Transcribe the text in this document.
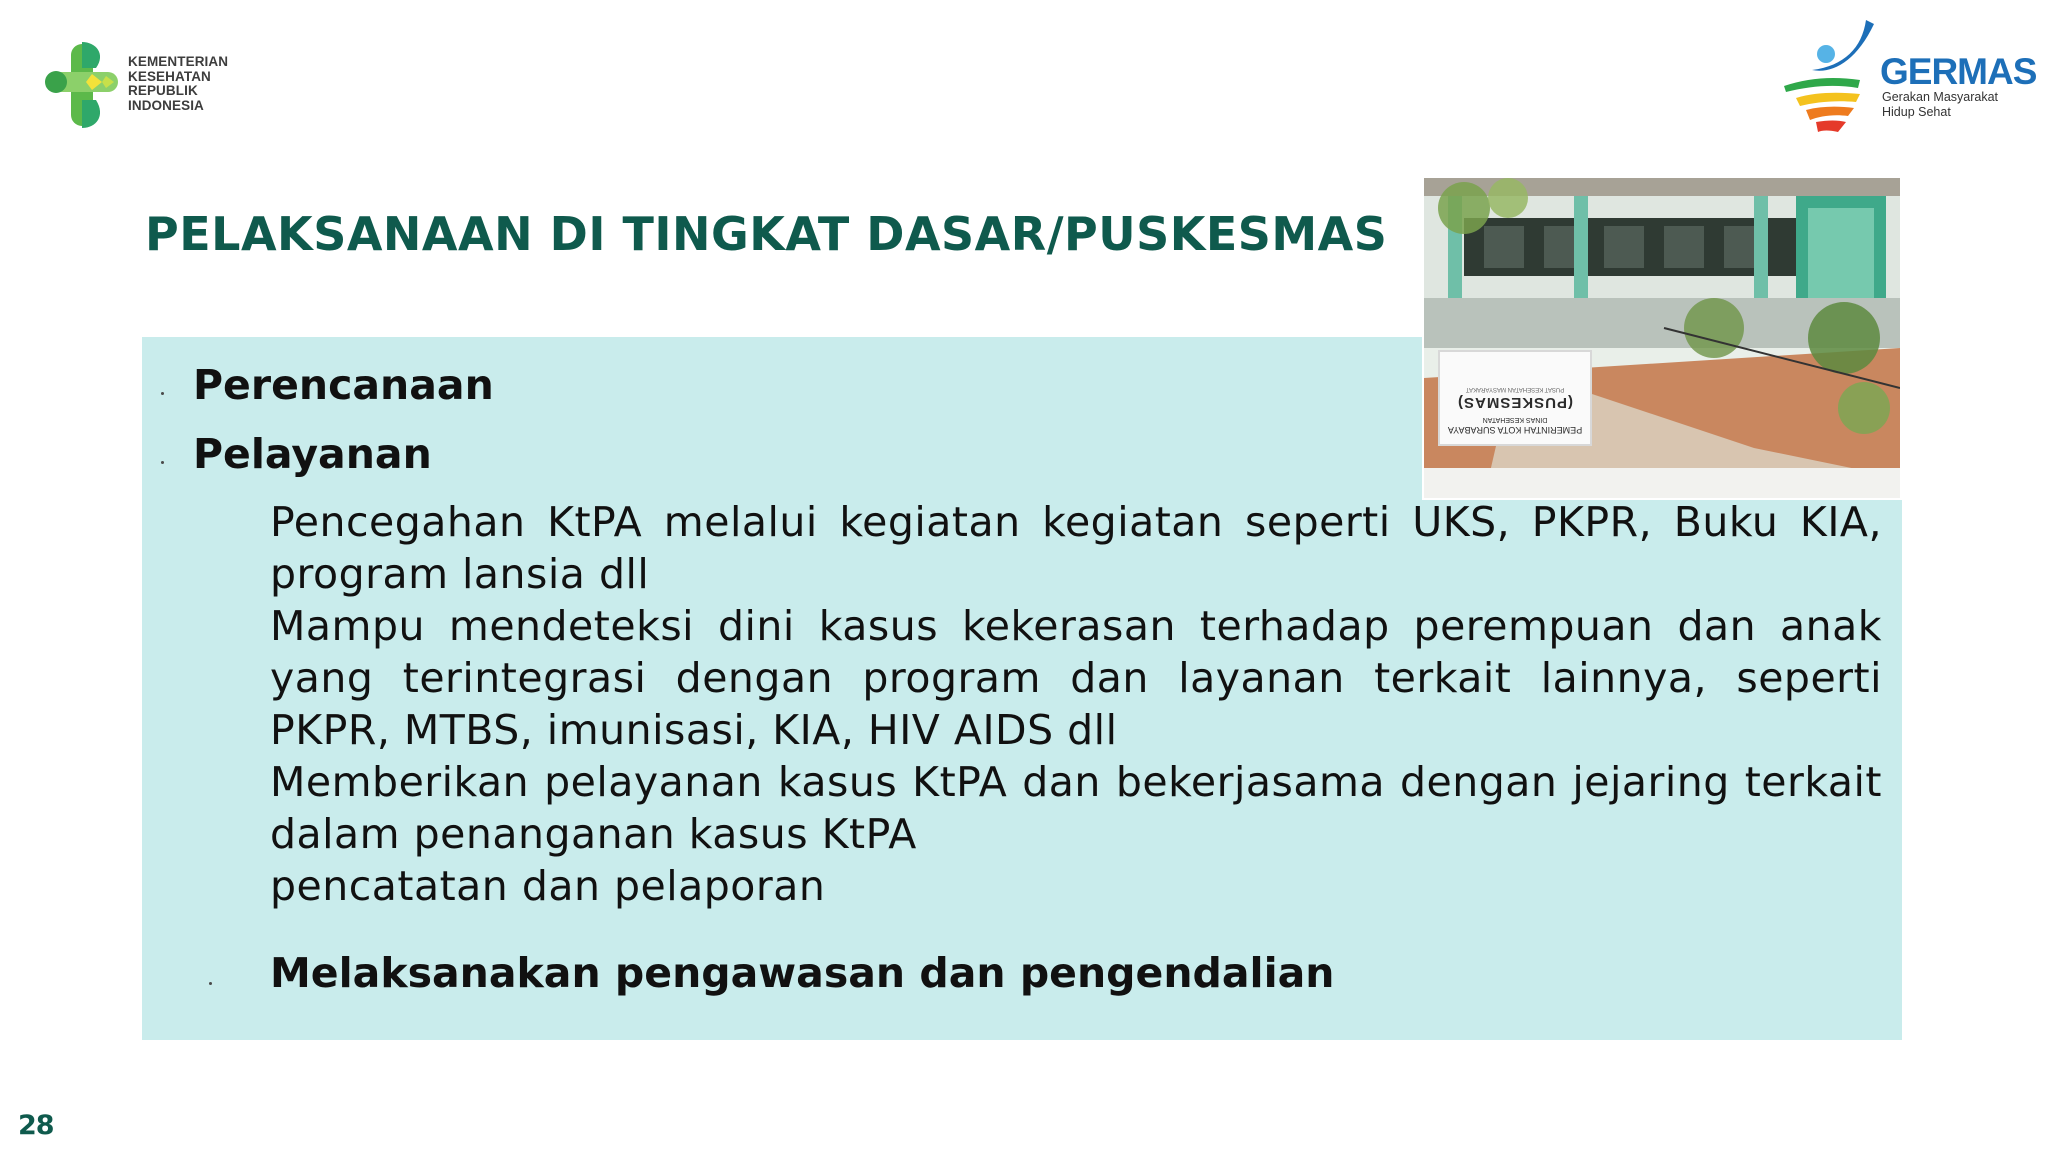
KEMENTERIAN
KESEHATAN
REPUBLIK
INDONESIA
GERMAS
Gerakan Masyarakat
Hidup Sehat
PELAKSANAAN DI TINGKAT DASAR/PUSKESMAS
PEMERINTAH KOTA SURABAYA
DINAS KESEHATAN
(PUSKESMAS)
PUSAT KESEHATAN MASYARAKAT
Perencanaan
Pelayanan
Pencegahan KtPA melalui kegiatan kegiatan seperti UKS, PKPR, Buku KIA, program lansia dll
Mampu mendeteksi dini kasus kekerasan terhadap perempuan dan anak yang terintegrasi dengan program dan layanan terkait lainnya, seperti PKPR, MTBS, imunisasi, KIA, HIV AIDS dll
Memberikan pelayanan kasus KtPA dan bekerjasama dengan jejaring terkait dalam penanganan kasus KtPA
pencatatan dan pelaporan
Melaksanakan pengawasan dan pengendalian
28
